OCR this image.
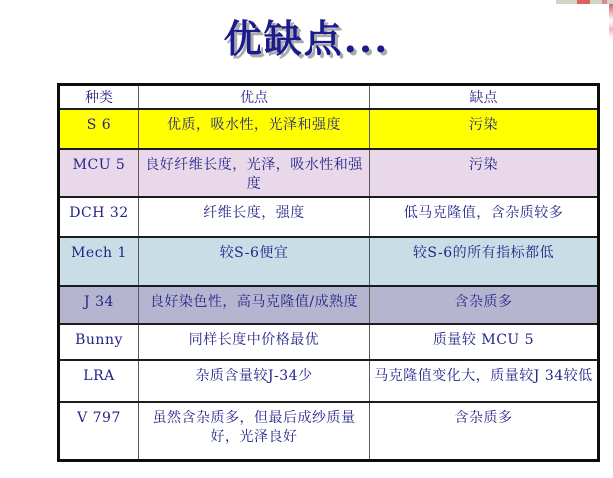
优缺点...
种类	优点	缺点
S 6	优质，吸水性，光泽和强度	污染
MCU 5	良好纤维长度，光泽，吸水性和强度	污染
DCH 32	纤维长度，强度	低马克隆值，含杂质较多
Mech 1	较S-6便宜	较S-6的所有指标都低
J 34	良好染色性，高马克隆值/成熟度	含杂质多
Bunny	同样长度中价格最优	质量较 MCU 5
LRA	杂质含量较J-34少	马克隆值变化大，质量较J 34较低
V 797	虽然含杂质多，但最后成纱质量好，光泽良好	含杂质多
